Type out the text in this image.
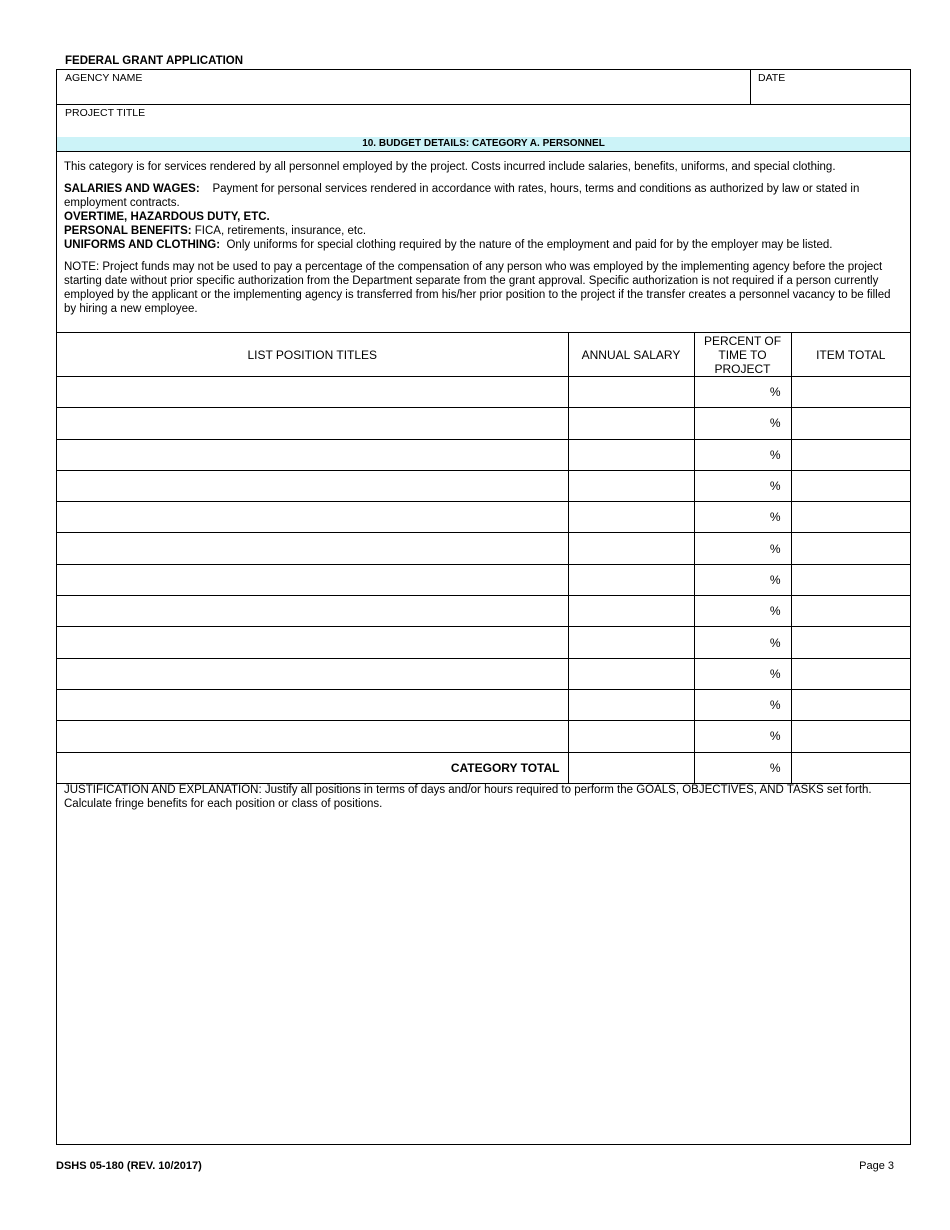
FEDERAL GRANT APPLICATION
AGENCY NAME	DATE
PROJECT TITLE
10. BUDGET DETAILS: CATEGORY A. PERSONNEL

This category is for services rendered by all personnel employed by the project. Costs incurred include salaries, benefits, uniforms, and special clothing.

SALARIES AND WAGES: Payment for personal services rendered in accordance with rates, hours, terms and conditions as authorized by law or stated in employment contracts.

OVERTIME, HAZARDOUS DUTY, ETC.

PERSONAL BENEFITS: FICA, retirements, insurance, etc.

UNIFORMS AND CLOTHING: Only uniforms for special clothing required by the nature of the employment and paid for by the employer may be listed.

NOTE: Project funds may not be used to pay a percentage of the compensation of any person who was employed by the implementing agency before the project starting date without prior specific authorization from the Department separate from the grant approval. Specific authorization is not required if a person currently employed by the applicant or the implementing agency is transferred from his/her prior position to the project if the transfer creates a personnel vacancy to be filled by hiring a new employee.

LIST POSITION TITLES	ANNUAL SALARY	PERCENT OF
TIME TO
PROJECT	ITEM TOTAL
		%	
		%	
		%	
		%	
		%	
		%	
		%	
		%	
		%	
		%	
		%	
		%	
CATEGORY TOTAL		%	
JUSTIFICATION AND EXPLANATION: Justify all positions in terms of days and/or hours required to perform the GOALS, OBJECTIVES, AND TASKS set forth. Calculate fringe benefits for each position or class of positions.
DSHS 05-180 (REV. 10/2017)	Page 3
